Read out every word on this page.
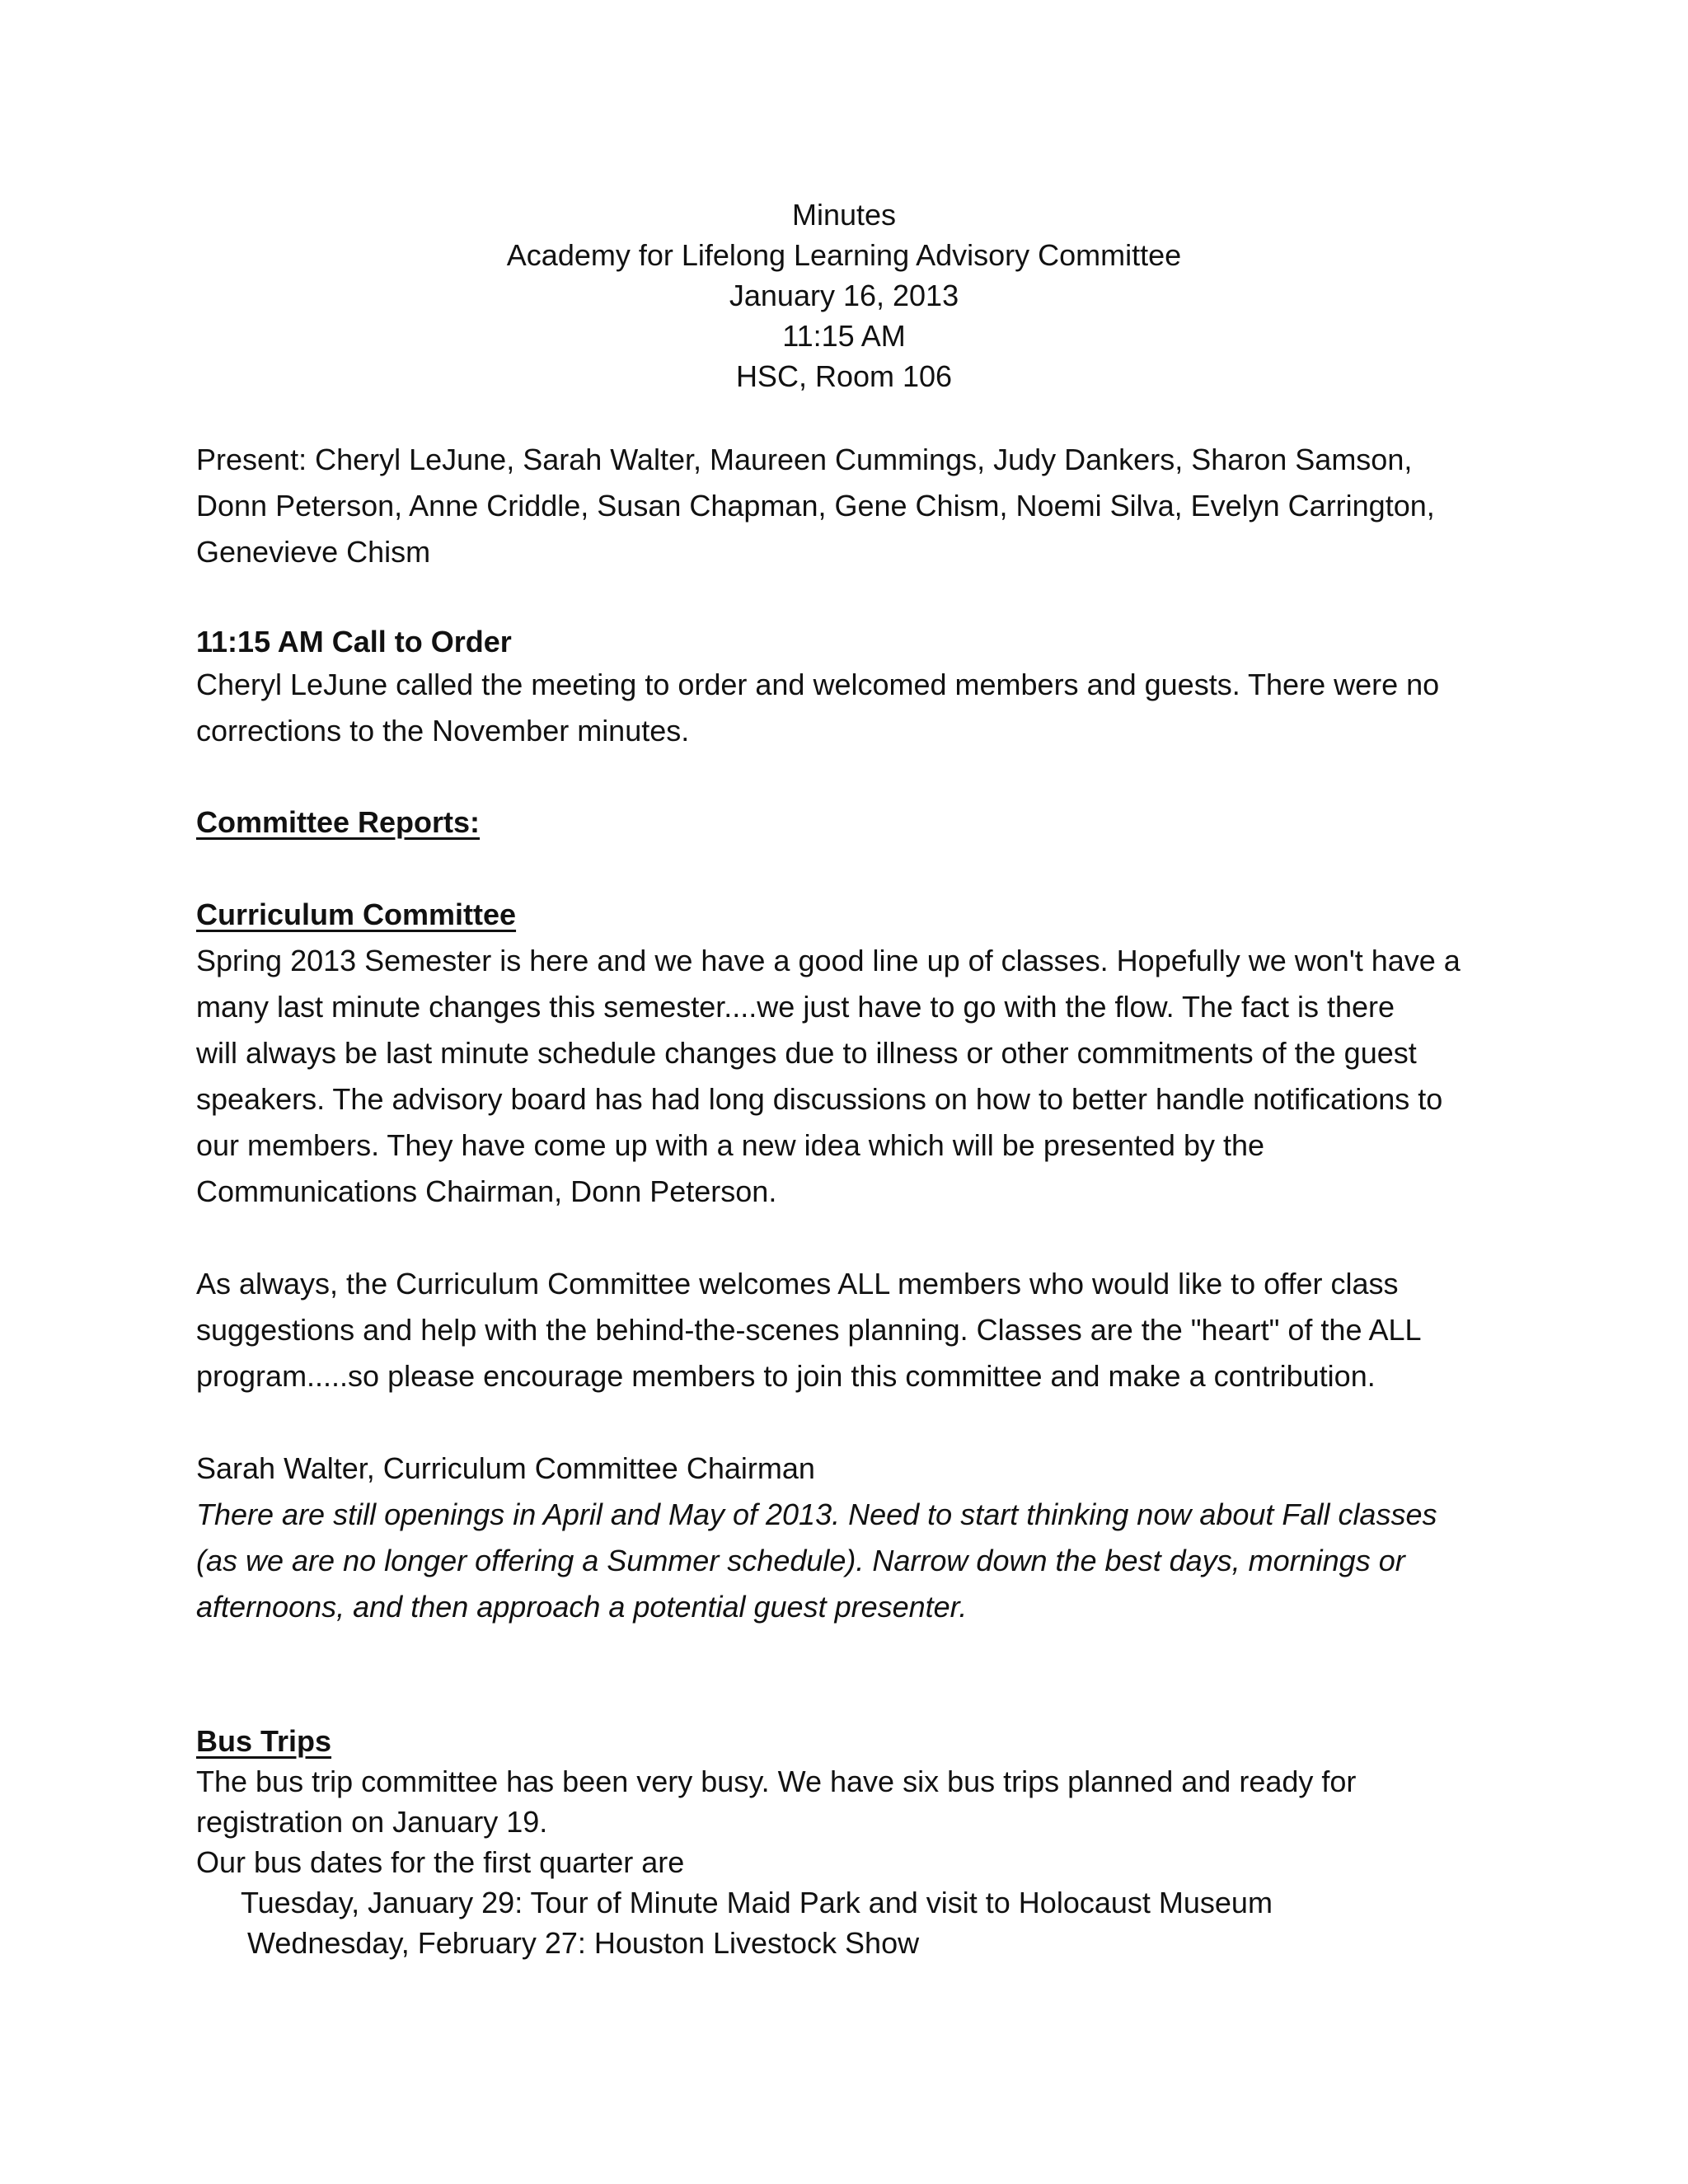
Minutes
Academy for Lifelong Learning Advisory Committee
January 16, 2013
11:15 AM
HSC, Room 106
Present: Cheryl LeJune, Sarah Walter, Maureen Cummings, Judy Dankers, Sharon Samson,
Donn Peterson, Anne Criddle, Susan Chapman, Gene Chism, Noemi Silva, Evelyn Carrington,
Genevieve Chism
11:15 AM Call to Order
Cheryl LeJune called the meeting to order and welcomed members and guests. There were no
corrections to the November minutes.
Committee Reports:
Curriculum Committee
Spring 2013 Semester is here and we have a good line up of classes. Hopefully we won't have a
many last minute changes this semester....we just have to go with the flow. The fact is there
will always be last minute schedule changes due to illness or other commitments of the guest
speakers. The advisory board has had long discussions on how to better handle notifications to
our members. They have come up with a new idea which will be presented by the
Communications Chairman, Donn Peterson.
As always, the Curriculum Committee welcomes ALL members who would like to offer class
suggestions and help with the behind-the-scenes planning. Classes are the "heart" of the ALL
program.....so please encourage members to join this committee and make a contribution.
Sarah Walter, Curriculum Committee Chairman
There are still openings in April and May of 2013. Need to start thinking now about Fall classes
(as we are no longer offering a Summer schedule). Narrow down the best days, mornings or
afternoons, and then approach a potential guest presenter.
Bus Trips
The bus trip committee has been very busy. We have six bus trips planned and ready for
registration on January 19.
Our bus dates for the first quarter are
Tuesday, January 29: Tour of Minute Maid Park and visit to Holocaust Museum
Wednesday, February 27: Houston Livestock Show
